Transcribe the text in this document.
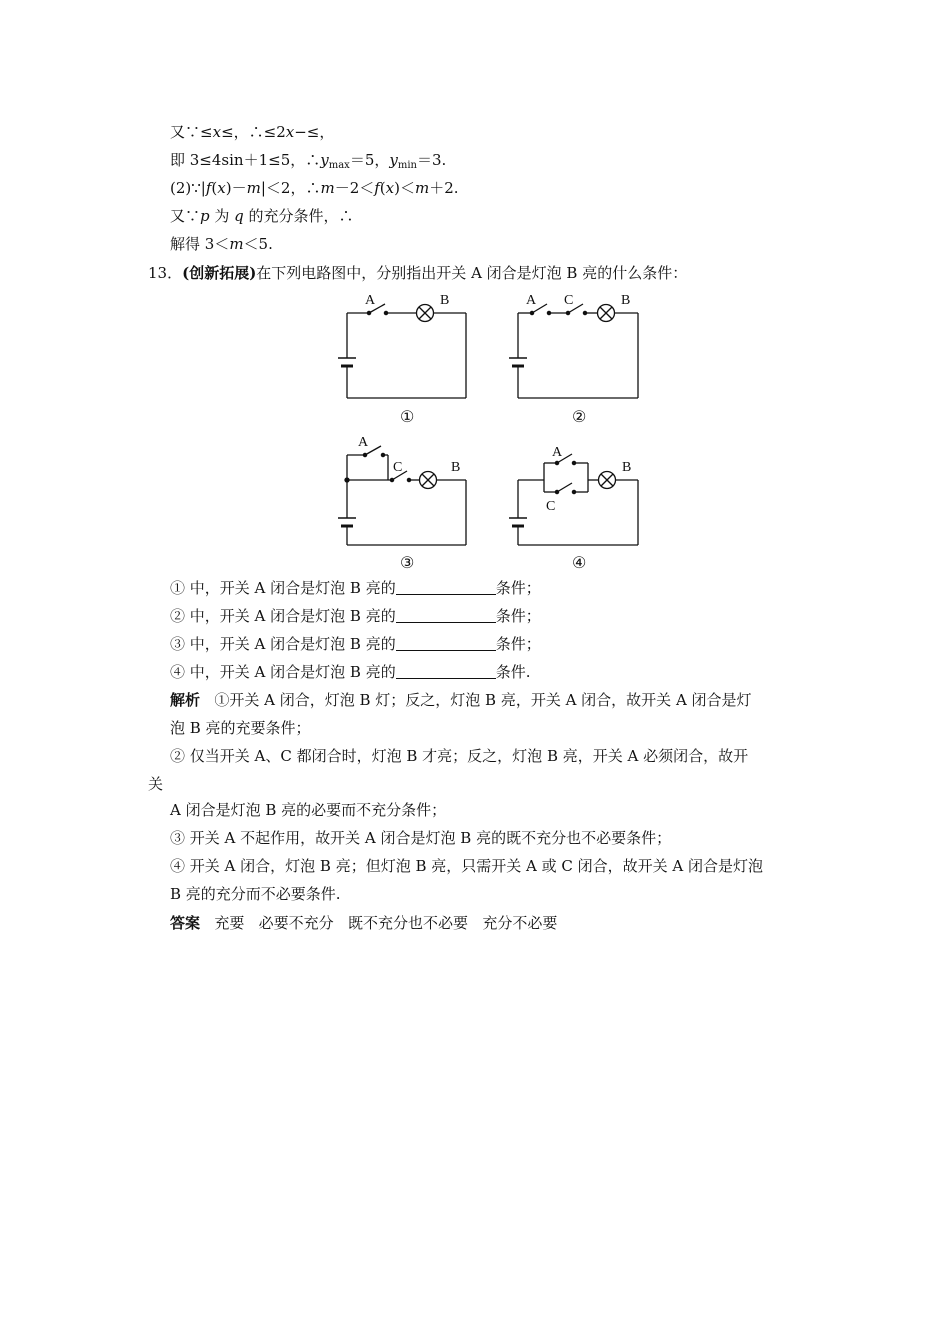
又∵≤x≤，∴≤2x−≤，
即 3≤4sin＋1≤5，$\therefore y_{max}=5$，$y_{min}=3$.
(2)∵|f(x)－m|＜2，∴m－2＜f(x)＜m＋2.
又∵p 为 q 的充分条件，∴
解得 3＜m＜5.
13．(创新拓展)在下列电路图中，分别指出开关 A 闭合是灯泡 B 亮的什么条件：
A	B
①
A C	B
②
A
C	B
③
A
C
B
④
① 中，开关 A 闭合是灯泡 B 亮的	条件；
② 中，开关 A 闭合是灯泡 B 亮的	条件；
③ 中，开关 A 闭合是灯泡 B 亮的	条件；
④ 中，开关 A 闭合是灯泡 B 亮的	条件.
解析 ①开关 A 闭合，灯泡 B 灯；反之，灯泡 B 亮，开关 A 闭合，故开关 A 闭合是灯
泡 B 亮的充要条件；
② 仅当开关 A、C 都闭合时，灯泡 B 才亮；反之，灯泡 B 亮，开关 A 必须闭合，故开
关
A 闭合是灯泡 B 亮的必要而不充分条件；
③ 开关 A 不起作用，故开关 A 闭合是灯泡 B 亮的既不充分也不必要条件；
④ 开关 A 闭合，灯泡 B 亮；但灯泡 B 亮，只需开关 A 或 C 闭合，故开关 A 闭合是灯泡
B 亮的充分而不必要条件.
答案 充要 必要不充分 既不充分也不必要 充分不必要
